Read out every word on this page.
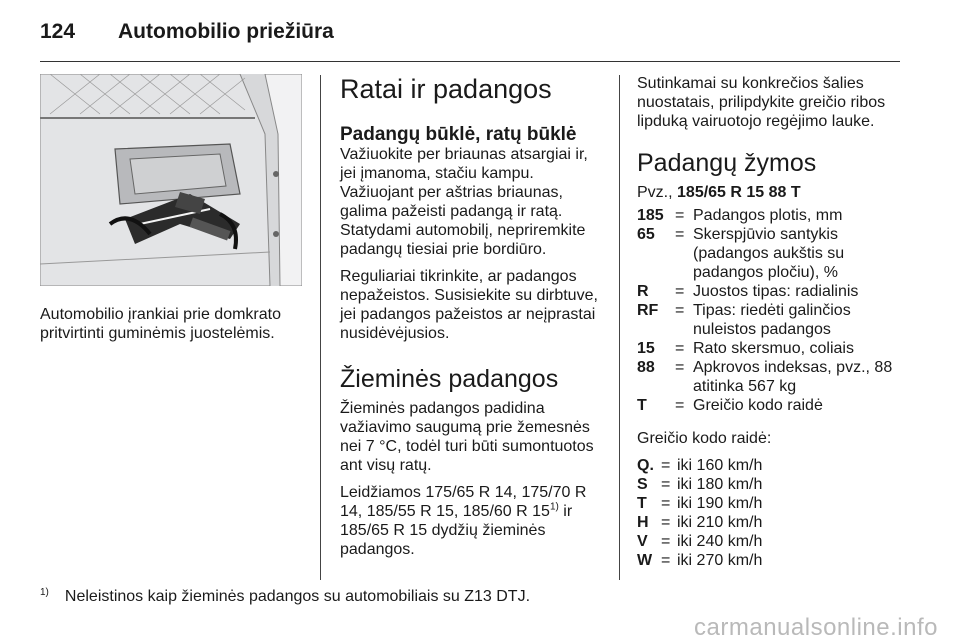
124 Automobilio priežiūra
Automobilio įrankiai prie domkrato pritvirtinti guminėmis juostelėmis.
Ratai ir padangos
Padangų būklė, ratų būklė

Važiuokite per briaunas atsargiai ir, jei įmanoma, stačiu kampu. Važiuojant per aštrias briaunas, galima pažeisti padangą ir ratą. Statydami automobilį, nepriremkite padangų tiesiai prie bordiūro.

Reguliariai tikrinkite, ar padangos nepažeistos. Susisiekite su dirbtuve, jei padangos pažeistos ar neįprastai nusidėvėjusios.

Žieminės padangos

Žieminės padangos padidina važiavimo saugumą prie žemesnės nei 7 °C, todėl turi būti sumontuotos ant visų ratų.

Leidžiamos 175/65 R 14, 175/70 R 14, 185/55 R 15, 185/60 R 15$^{1)}$ ir 185/65 R 15 dydžių žieminės padangos.

Sutinkamai su konkrečios šalies nuostatais, prilipdykite greičio ribos lipduką vairuotojo regėjimo lauke.

Padangų žymos
Pvz., 185/65 R 15 88 T
185 = Padangos plotis, mm
65	= Skerspjūvio santykis (padangos aukštis su padangos pločiu), %
R	= Juostos tipas: radialinis
RF	= Tipas: riedėti galinčios nuleistos padangos
15	= Rato skersmuo, coliais
88	= Apkrovos indeksas, pvz., 88 atitinka 567 kg
T	= Greičio kodo raidė

Greičio kodo raidė:

Q. = iki 160 km/h
S = iki 180 km/h
T = iki 190 km/h
H = iki 210 km/h
V = iki 240 km/h
W = iki 270 km/h
$^{1)}$ Neleistinos kaip žieminės padangos su automobiliais su Z13 DTJ.
carmanualsonline.info
